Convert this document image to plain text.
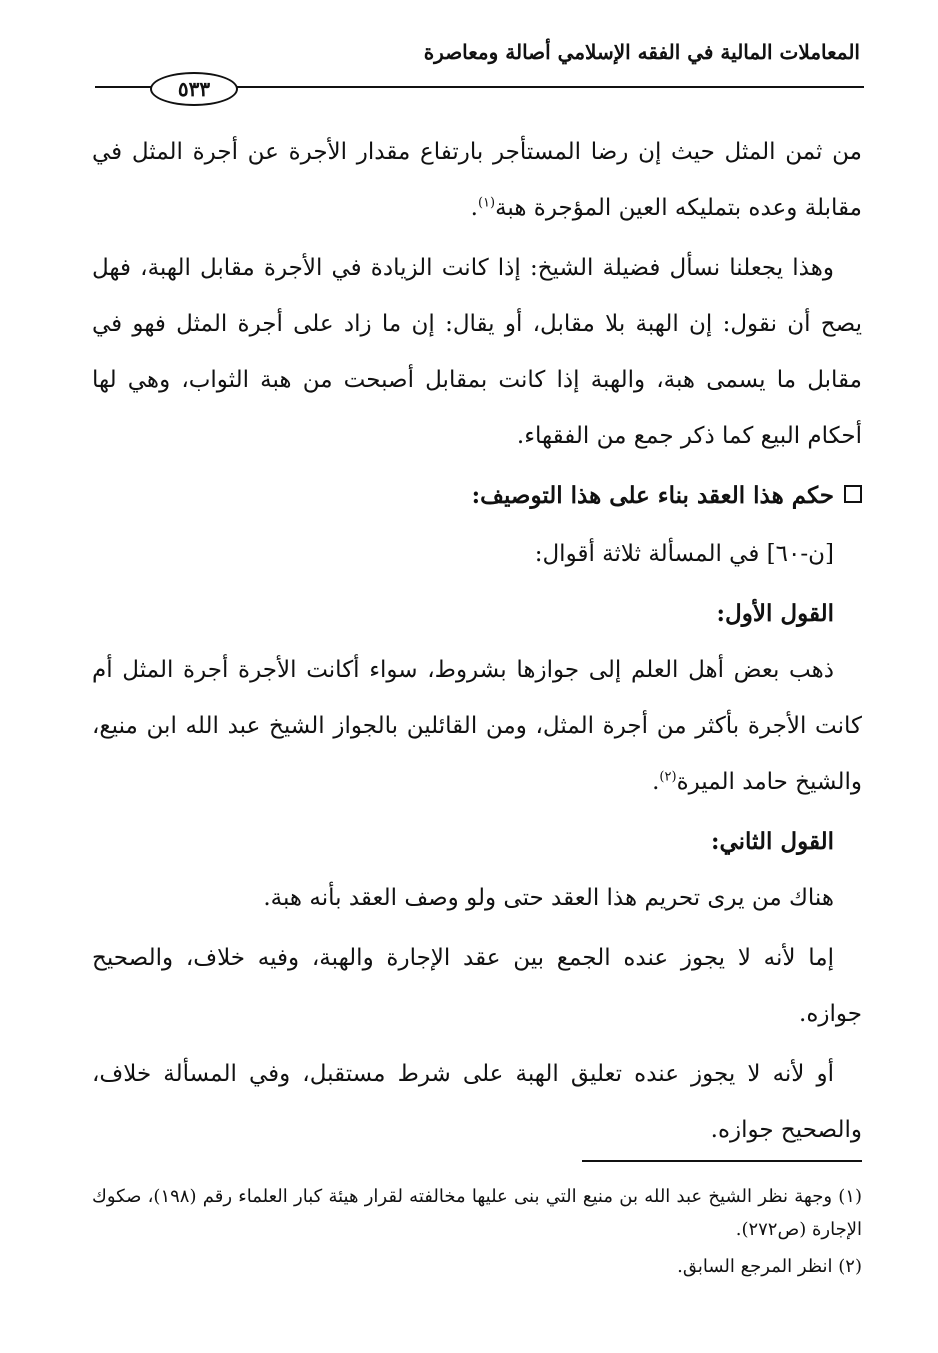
المعاملات المالية في الفقه الإسلامي أصالة ومعاصرة
٥٣٣

من ثمن المثل حيث إن رضا المستأجر بارتفاع مقدار الأجرة عن أجرة المثل في مقابلة وعده بتمليكه العين المؤجرة هبة$^{(١)}$.

وهذا يجعلنا نسأل فضيلة الشيخ: إذا كانت الزيادة في الأجرة مقابل الهبة، فهل يصح أن نقول: إن الهبة بلا مقابل، أو يقال: إن ما زاد على أجرة المثل فهو في مقابل ما يسمى هبة، والهبة إذا كانت بمقابل أصبحت من هبة الثواب، وهي لها أحكام البيع كما ذكر جمع من الفقهاء.

حكم هذا العقد بناء على هذا التوصيف:

[ن-٦٠] في المسألة ثلاثة أقوال:

القول الأول:

ذهب بعض أهل العلم إلى جوازها بشروط، سواء أكانت الأجرة أجرة المثل أم كانت الأجرة بأكثر من أجرة المثل، ومن القائلين بالجواز الشيخ عبد الله ابن منيع، والشيخ حامد الميرة$^{(٢)}$.

القول الثاني:

هناك من يرى تحريم هذا العقد حتى ولو وصف العقد بأنه هبة.

إما لأنه لا يجوز عنده الجمع بين عقد الإجارة والهبة، وفيه خلاف، والصحيح جوازه.

أو لأنه لا يجوز عنده تعليق الهبة على شرط مستقبل، وفي المسألة خلاف، والصحيح جوازه.

(١) وجهة نظر الشيخ عبد الله بن منيع التي بنى عليها مخالفته لقرار هيئة كبار العلماء رقم (١٩٨)، صكوك الإجارة (ص٢٧٢).

(٢) انظر المرجع السابق.
